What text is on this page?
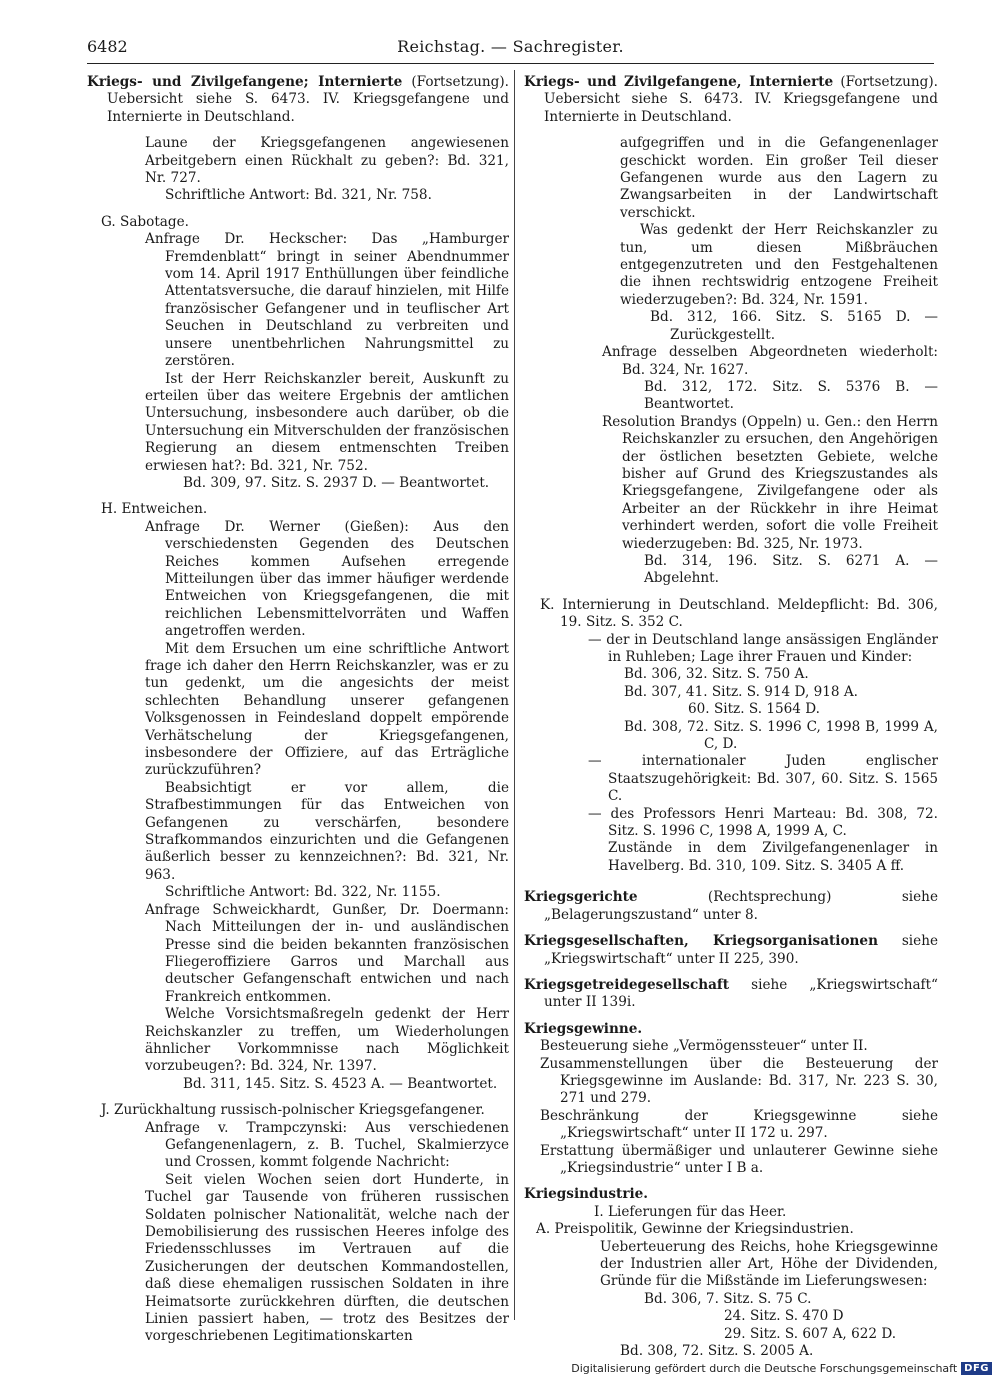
6482	Reichstag. — Sachregister.

Kriegs- und Zivilgefangene; Internierte (Fortsetzung). Uebersicht siehe S. 6473. IV. Kriegsgefangene und Internierte in Deutschland.

Laune der Kriegsgefangenen angewiesenen Arbeitgebern einen Rückhalt zu geben?: Bd. 321, Nr. 727.

Schriftliche Antwort: Bd. 321, Nr. 758.

G. Sabotage.

Anfrage Dr. Heckscher: Das „Hamburger Fremdenblatt“ bringt in seiner Abendnummer vom 14. April 1917 Enthüllungen über feindliche Attentatsversuche, die darauf hinzielen, mit Hilfe französischer Gefangener und in teuflischer Art Seuchen in Deutschland zu verbreiten und unsere unentbehrlichen Nahrungsmittel zu zerstören.

Ist der Herr Reichskanzler bereit, Auskunft zu erteilen über das weitere Ergebnis der amtlichen Untersuchung, insbesondere auch darüber, ob die Untersuchung ein Mitverschulden der französischen Regierung an diesem entmenschten Treiben erwiesen hat?: Bd. 321, Nr. 752.

Bd. 309, 97. Sitz. S. 2937 D. — Beantwortet.

H. Entweichen.

Anfrage Dr. Werner (Gießen): Aus den verschiedensten Gegenden des Deutschen Reiches kommen Aufsehen erregende Mitteilungen über das immer häufiger werdende Entweichen von Kriegsgefangenen, die mit reichlichen Lebensmittelvorräten und Waffen angetroffen werden.

Mit dem Ersuchen um eine schriftliche Antwort frage ich daher den Herrn Reichskanzler, was er zu tun gedenkt, um die angesichts der meist schlechten Behandlung unserer gefangenen Volksgenossen in Feindesland doppelt empörende Verhätschelung der Kriegsgefangenen, insbesondere der Offiziere, auf das Erträgliche zurückzuführen?

Beabsichtigt er vor allem, die Strafbestimmungen für das Entweichen von Gefangenen zu verschärfen, besondere Strafkommandos einzurichten und die Gefangenen äußerlich besser zu kennzeichnen?: Bd. 321, Nr. 963.

Schriftliche Antwort: Bd. 322, Nr. 1155.

Anfrage Schweickhardt, Gunßer, Dr. Doermann: Nach Mitteilungen der in- und ausländischen Presse sind die beiden bekannten französischen Fliegeroffiziere Garros und Marchall aus deutscher Gefangenschaft entwichen und nach Frankreich entkommen.

Welche Vorsichtsmaßregeln gedenkt der Herr Reichskanzler zu treffen, um Wiederholungen ähnlicher Vorkommnisse nach Möglichkeit vorzubeugen?: Bd. 324, Nr. 1397.

Bd. 311, 145. Sitz. S. 4523 A. — Beantwortet.

J. Zurückhaltung russisch-polnischer Kriegsgefangener.

Anfrage v. Trampczynski: Aus verschiedenen Gefangenenlagern, z. B. Tuchel, Skalmierzyce und Crossen, kommt folgende Nachricht:

Seit vielen Wochen seien dort Hunderte, in Tuchel gar Tausende von früheren russischen Soldaten polnischer Nationalität, welche nach der Demobilisierung des russischen Heeres infolge des Friedensschlusses im Vertrauen auf die Zusicherungen der deutschen Kommandostellen, daß diese ehemaligen russischen Soldaten in ihre Heimatsorte zurückkehren dürften, die deutschen Linien passiert haben, — trotz des Besitzes der vorgeschriebenen Legitimationskarten

Kriegs- und Zivilgefangene, Internierte (Fortsetzung). Uebersicht siehe S. 6473. IV. Kriegsgefangene und Internierte in Deutschland.

aufgegriffen und in die Gefangenenlager geschickt worden. Ein großer Teil dieser Gefangenen wurde aus den Lagern zu Zwangsarbeiten in der Landwirtschaft verschickt.

Was gedenkt der Herr Reichskanzler zu tun, um diesen Mißbräuchen entgegenzutreten und den Festgehaltenen die ihnen rechtswidrig entzogene Freiheit wiederzugeben?: Bd. 324, Nr. 1591.

Bd. 312, 166. Sitz. S. 5165 D. — Zurückgestellt.

Anfrage desselben Abgeordneten wiederholt: Bd. 324, Nr. 1627.

Bd. 312, 172. Sitz. S. 5376 B. — Beantwortet.

Resolution Brandys (Oppeln) u. Gen.: den Herrn Reichskanzler zu ersuchen, den Angehörigen der östlichen besetzten Gebiete, welche bisher auf Grund des Kriegszustandes als Kriegsgefangene, Zivilgefangene oder als Arbeiter an der Rückkehr in ihre Heimat verhindert werden, sofort die volle Freiheit wiederzugeben: Bd. 325, Nr. 1973.

Bd. 314, 196. Sitz. S. 6271 A. — Abgelehnt.

K. Internierung in Deutschland. Meldepflicht: Bd. 306, 19. Sitz. S. 352 C.

— der in Deutschland lange ansässigen Engländer in Ruhleben; Lage ihrer Frauen und Kinder:

Bd. 306, 32. Sitz. S. 750 A.

Bd. 307, 41. Sitz. S. 914 D, 918 A.

60. Sitz. S. 1564 D.

Bd. 308, 72. Sitz. S. 1996 C, 1998 B, 1999 A, C, D.

— internationaler Juden englischer Staatszugehörigkeit: Bd. 307, 60. Sitz. S. 1565 C.

— des Professors Henri Marteau: Bd. 308, 72. Sitz. S. 1996 C, 1998 A, 1999 A, C.

Zustände in dem Zivilgefangenenlager in Havelberg. Bd. 310, 109. Sitz. S. 3405 A ff.

Kriegsgerichte (Rechtsprechung) siehe „Belagerungszustand“ unter 8.

Kriegsgesellschaften, Kriegsorganisationen siehe „Kriegswirtschaft“ unter II 225, 390.

Kriegsgetreidegesellschaft siehe „Kriegswirtschaft“ unter II 139i.

Kriegsgewinne.

Besteuerung siehe „Vermögenssteuer“ unter II.

Zusammenstellungen über die Besteuerung der Kriegsgewinne im Auslande: Bd. 317, Nr. 223 S. 30, 271 und 279.

Beschränkung der Kriegsgewinne siehe „Kriegswirtschaft“ unter II 172 u. 297.

Erstattung übermäßiger und unlauterer Gewinne siehe „Kriegsindustrie“ unter I B a.

Kriegsindustrie.

I. Lieferungen für das Heer.

A. Preispolitik, Gewinne der Kriegsindustrien.

Ueberteuerung des Reichs, hohe Kriegsgewinne der Industrien aller Art, Höhe der Dividenden, Gründe für die Mißstände im Lieferungswesen:

Bd. 306, 7. Sitz. S. 75 C.

24. Sitz. S. 470 D

29. Sitz. S. 607 A, 622 D.

Bd. 308, 72. Sitz. S. 2005 A.

Digitalisierung gefördert durch die Deutsche Forschungsgemeinschaft DFG
